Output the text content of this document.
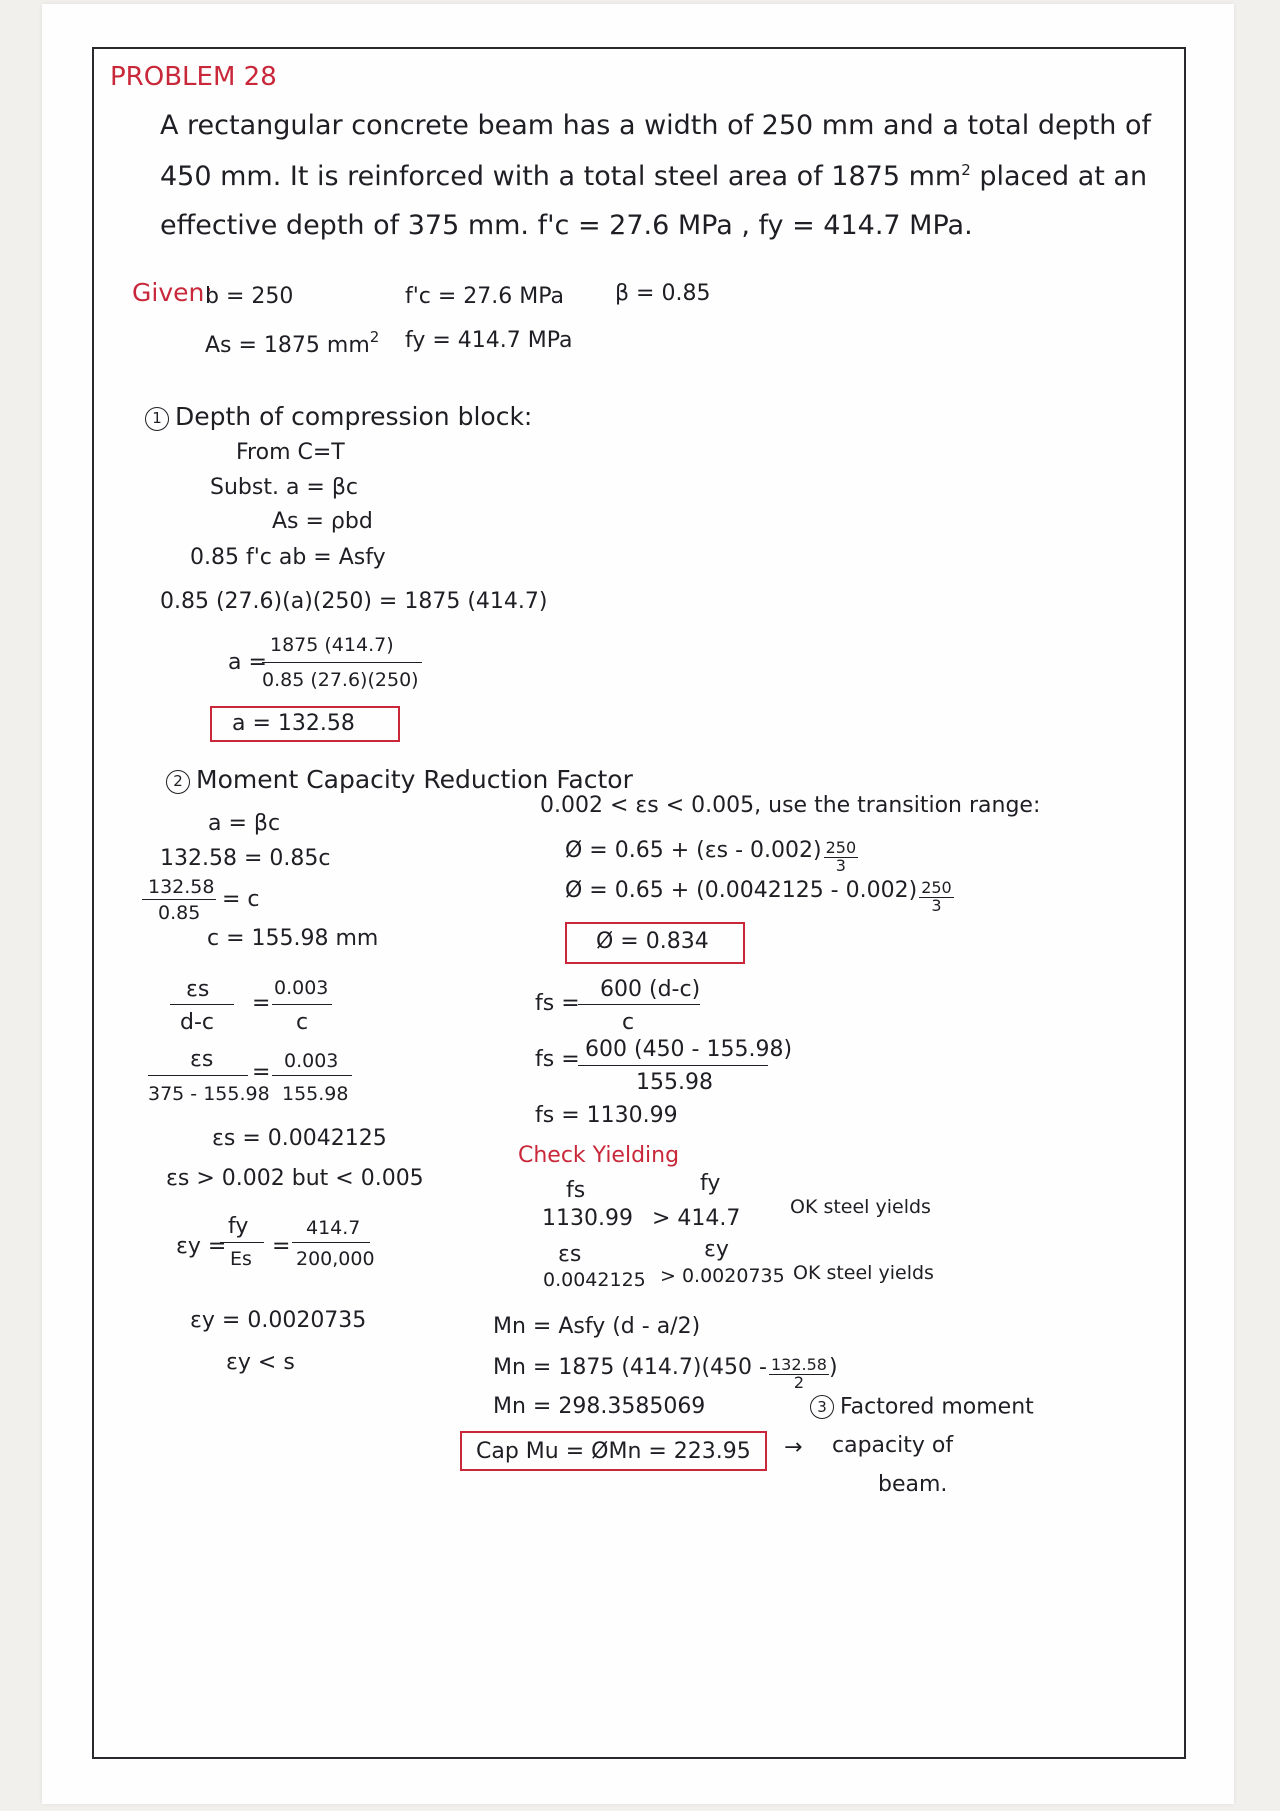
PROBLEM 28
A rectangular concrete beam has a width of 250 mm and a total depth of
450 mm. It is reinforced with a total steel area of 1875 $mm^2$ placed at an
effective depth of 375 mm. f'c = 27.6 MPa , fy = 414.7 MPa.
Given:
b = 250
As = 1875 $mm^2$
f'c = 27.6 MPa
fy = 414.7 MPa
β = 0.85
1 Depth of compression block:
From C=T
Subst. a = βc
As = ρbd
0.85 f'c ab = Asfy
0.85 (27.6)(a)(250) = 1875 (414.7)
a =
1875 (414.7)
0.85 (27.6)(250)
a = 132.58
2 Moment Capacity Reduction Factor
a = βc
132.58 = 0.85c
132.58
0.85
= c
c = 155.98 mm
εs
d-c
=
0.003
c
εs
375 - 155.98
= 0.003
155.98
εs = 0.0042125
εs > 0.002 but < 0.005
εy =
fy
Es =
414.7
200,000
εy = 0.0020735
εy < s
0.002 < εs < 0.005, use the transition range:
Ø = $0.65 + (\varepsilon s - 0.002) \frac{250}{3}$
Ø = $0.65 + (0.0042125 - 0.002) \frac{250}{3}$
Ø = 0.834
fs =
600 (d-c)
c
fs = 600 (450 - 155.98)
155.98
fs = 1130.99
Check Yielding
fs	fy
1130.99 > 414.7	OK steel yields
εs	εy
0.0042125 > 0.0020735 OK steel yields
Mn = Asfy (d - a/2)
Mn = 1875 $(414.7)(450 - \frac{132.58}{2}$ )
Mn = 298.3585069
Cap Mu = ØMn = 223.95 →
3 Factored moment
capacity of
beam.
